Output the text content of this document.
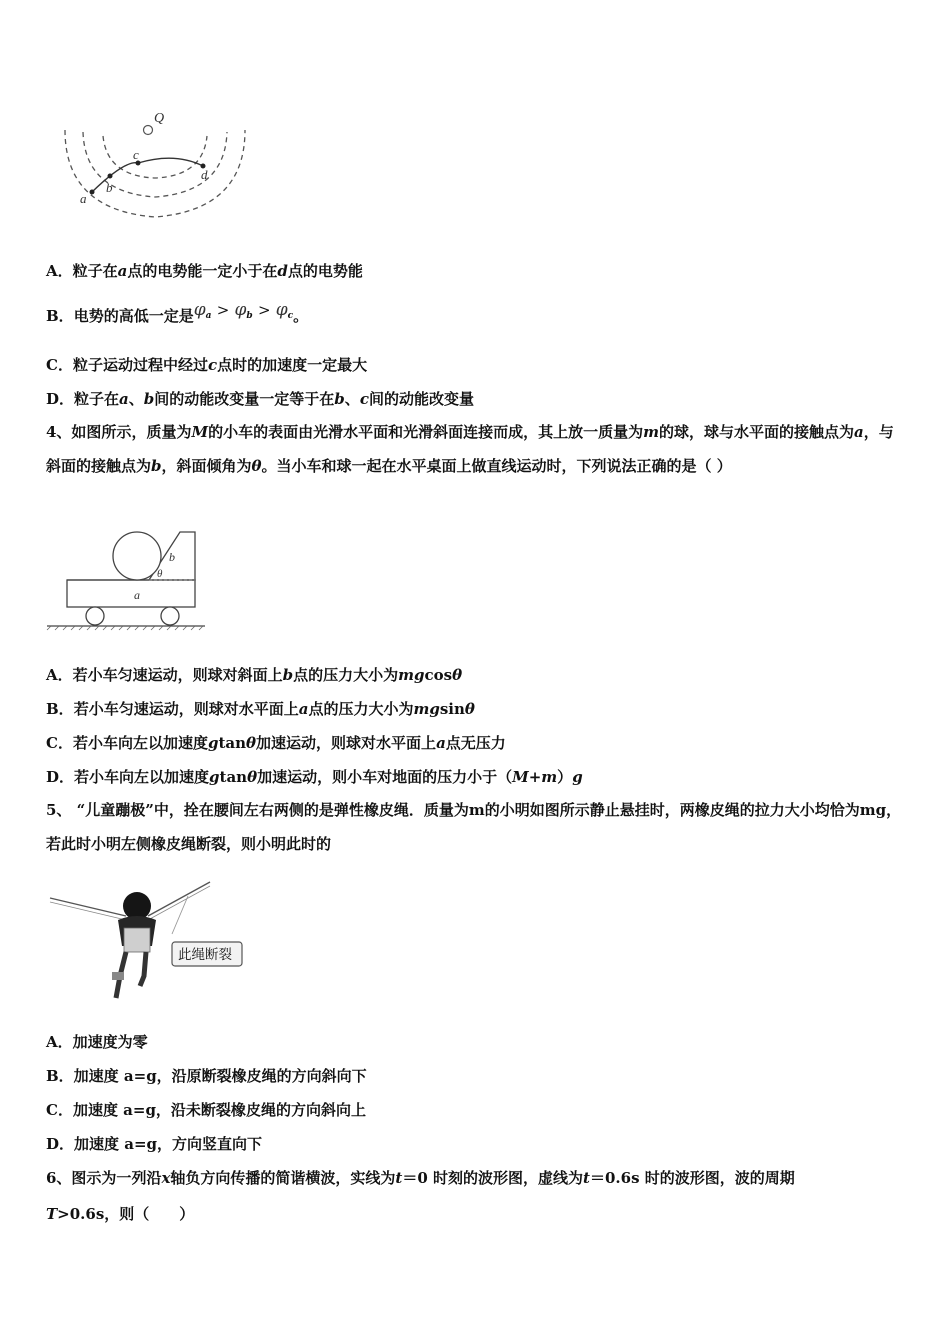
Q
a
b
c
d
A．粒子在a点的电势能一定小于在d点的电势能
B．电势的高低一定是$\varphi_a > \varphi_b > \varphi_c$。
C．粒子运动过程中经过c点时的加速度一定最大
D．粒子在a、b间的动能改变量一定等于在b、c间的动能改变量
4、如图所示，质量为M的小车的表面由光滑水平面和光滑斜面连接而成，其上放一质量为m的球，球与水平面的接触点为a，与斜面的接触点为b，斜面倾角为θ。当小车和球一起在水平桌面上做直线运动时，下列说法正确的是（ ）
b
θ
a
A．若小车匀速运动，则球对斜面上b点的压力大小为mgcosθ
B．若小车匀速运动，则球对水平面上a点的压力大小为mgsinθ
C．若小车向左以加速度gtanθ加速运动，则球对水平面上a点无压力
D．若小车向左以加速度gtanθ加速运动，则小车对地面的压力小于（M+m）g
5、 “儿童蹦极”中，拴在腰间左右两侧的是弹性橡皮绳．质量为m的小明如图所示静止悬挂时，两橡皮绳的拉力大小均恰为mg，若此时小明左侧橡皮绳断裂，则小明此时的
此绳断裂
A．加速度为零
B．加速度 a=g，沿原断裂橡皮绳的方向斜向下
C．加速度 a=g，沿未断裂橡皮绳的方向斜向上
D．加速度 a=g，方向竖直向下
6、图示为一列沿x轴负方向传播的简谐横波，实线为t＝0 时刻的波形图，虚线为t＝0.6s 时的波形图，波的周期
T>0.6s，则（　　）
